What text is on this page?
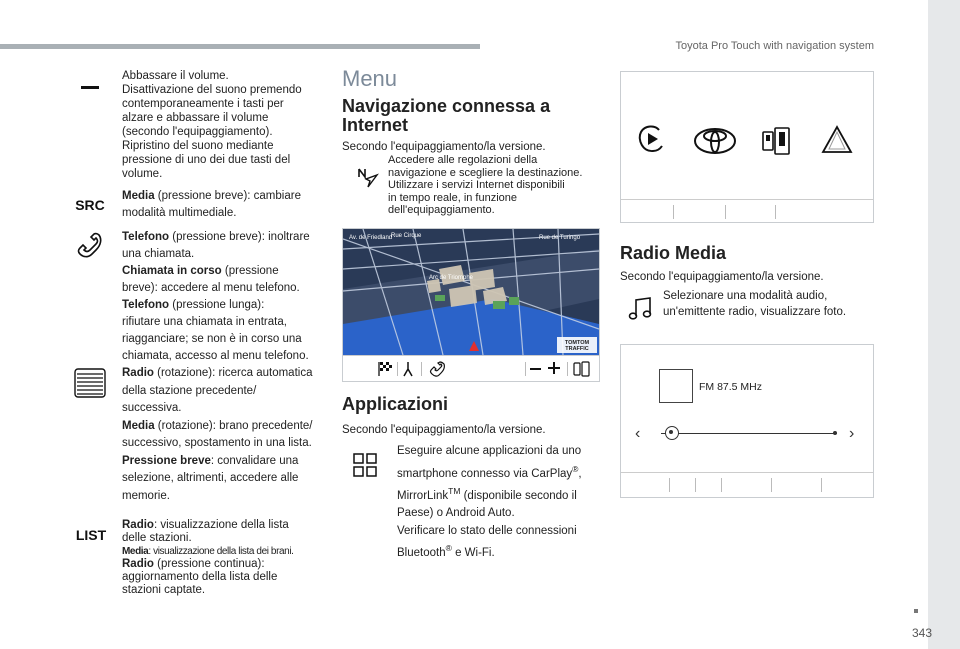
Toyota Pro Touch with navigation system
343
Abbassare il volume.
Disattivazione del suono premendo
contemporaneamente i tasti per
alzare e abbassare il volume
(secondo l'equipaggiamento).
Ripristino del suono mediante
pressione di uno dei due tasti del
volume.
SRC
Media (pressione breve): cambiare
modalità multimediale.
Telefono (pressione breve): inoltrare
una chiamata.
Chiamata in corso (pressione
breve): accedere al menu telefono.
Telefono (pressione lunga):
rifiutare una chiamata in entrata,
riagganciare; se non è in corso una
chiamata, accesso al menu telefono.
Radio (rotazione): ricerca automatica
della stazione precedente/
successiva.
Media (rotazione): brano precedente/
successivo, spostamento in una lista.
Pressione breve: convalidare una
selezione, altrimenti, accedere alle
memorie.
LIST
Radio: visualizzazione della lista
delle stazioni.
Media: visualizzazione della lista dei brani.
Radio (pressione continua):
aggiornamento della lista delle
stazioni captate.
Menu
Navigazione connessa a
Internet
Secondo l'equipaggiamento/la versione.
Accedere alle regolazioni della
navigazione e scegliere la destinazione.
Utilizzare i servizi Internet disponibili
in tempo reale, in funzione
dell'equipaggiamento.
Av. de Friedland
Rue Cirque	Rue de Turingo
Arc de Triomphe
TOMTOM
TRAFFIC
Applicazioni
Secondo l'equipaggiamento/la versione.
Eseguire alcune applicazioni da uno
smartphone connesso via CarPlay®,
MirrorLink™ (disponibile secondo il
Paese) o Android Auto.
Verificare lo stato delle connessioni
Bluetooth® e Wi-Fi.
Radio Media
Secondo l'equipaggiamento/la versione.
Selezionare una modalità audio,
un'emittente radio, visualizzare foto.
FM 87.5 MHz
‹	›
